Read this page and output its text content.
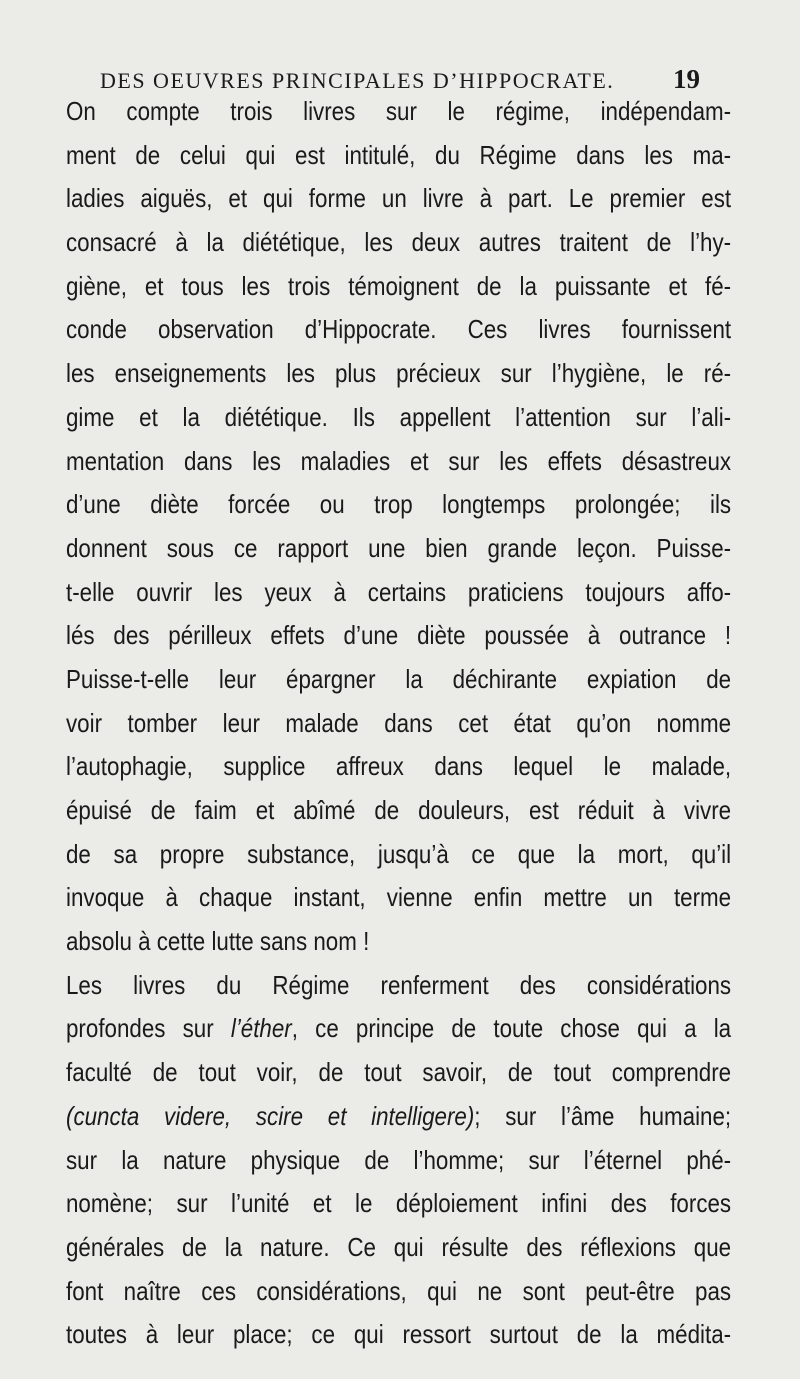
DES OEUVRES PRINCIPALES D’HIPPOCRATE. 19
On compte trois livres sur le régime, indépendam-
ment de celui qui est intitulé, du Régime dans les ma-
ladies aiguës, et qui forme un livre à part. Le premier est
consacré à la diététique, les deux autres traitent de l’hy-
giène, et tous les trois témoignent de la puissante et fé-
conde observation d’Hippocrate. Ces livres fournissent
les enseignements les plus précieux sur l’hygiène, le ré-
gime et la diététique. Ils appellent l’attention sur l’ali-
mentation dans les maladies et sur les effets désastreux
d’une diète forcée ou trop longtemps prolongée; ils
donnent sous ce rapport une bien grande leçon. Puisse-
t-elle ouvrir les yeux à certains praticiens toujours affo-
lés des périlleux effets d’une diète poussée à outrance !
Puisse-t-elle leur épargner la déchirante expiation de
voir tomber leur malade dans cet état qu’on nomme
l’autophagie, supplice affreux dans lequel le malade,
épuisé de faim et abîmé de douleurs, est réduit à vivre
de sa propre substance, jusqu’à ce que la mort, qu’il
invoque à chaque instant, vienne enfin mettre un terme
absolu à cette lutte sans nom !
Les livres du Régime renferment des considérations
profondes sur l’éther, ce principe de toute chose qui a la
faculté de tout voir, de tout savoir, de tout comprendre
(cuncta videre, scire et intelligere); sur l’âme humaine;
sur la nature physique de l’homme; sur l’éternel phé-
nomène; sur l’unité et le déploiement infini des forces
générales de la nature. Ce qui résulte des réflexions que
font naître ces considérations, qui ne sont peut-être pas
toutes à leur place; ce qui ressort surtout de la médita-
